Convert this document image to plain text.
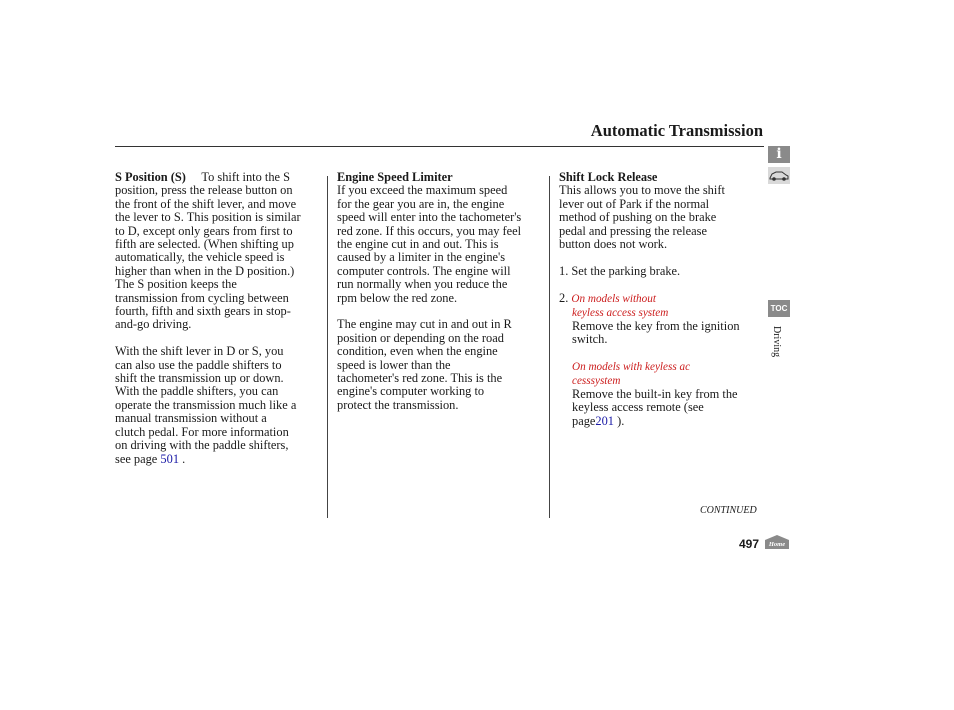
Automatic Transmission

S Position (S) To shift into the S
position, press the release button on
the front of the shift lever, and move
the lever to S. This position is similar
to D, except only gears from first to
fifth are selected. (When shifting up
automatically, the vehicle speed is
higher than when in the D position.)
The S position keeps the
transmission from cycling between
fourth, fifth and sixth gears in stop-
and-go driving.

With the shift lever in D or S, you
can also use the paddle shifters to
shift the transmission up or down.
With the paddle shifters, you can
operate the transmission much like a
manual transmission without a
clutch pedal. For more information
on driving with the paddle shifters,
see page 501 .

Engine Speed Limiter

If you exceed the maximum speed
for the gear you are in, the engine
speed will enter into the tachometer's
red zone. If this occurs, you may feel
the engine cut in and out. This is
caused by a limiter in the engine's
computer controls. The engine will
run normally when you reduce the
rpm below the red zone.

The engine may cut in and out in R
position or depending on the road
condition, even when the engine
speed is lower than the
tachometer's red zone. This is the
engine's computer working to
protect the transmission.

Shift Lock Release

This allows you to move the shift
lever out of Park if the normal
method of pushing on the brake
pedal and pressing the release
button does not work.

1. Set the parking brake.

2. On models without
keyless access system
Remove the key from the ignition
switch.

On models with keyless ac
cesssystem
Remove the built-in key from the
keyless access remote (see
page201 ).

i
TOC
Driving
CONTINUED
497 Home
